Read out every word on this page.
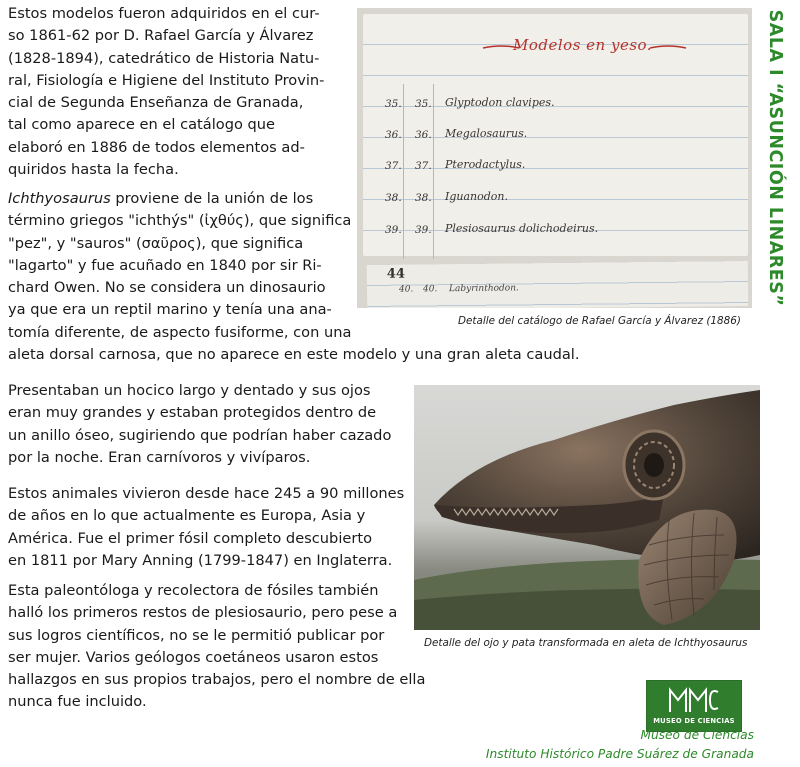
SALA I “ASUNCIÓN LINARES”
Estos modelos fueron adquiridos en el cur-
so 1861-62 por D. Rafael García y Álvarez
(1828-1894), catedrático de Historia Natu-
ral, Fisiología e Higiene del Instituto Provin-
cial de Segunda Enseñanza de Granada,
tal como aparece en el catálogo que
elaboró en 1886 de todos elementos ad-
quiridos hasta la fecha.
Ichthyosaurus proviene de la unión de los
término griegos "ichthýs" (ἰχθύς), que significa
"pez", y "sauros" (σαῦρος), que significa
"lagarto" y fue acuñado en 1840 por sir Ri-
chard Owen. No se considera un dinosaurio
ya que era un reptil marino y tenía una ana-
tomía diferente, de aspecto fusiforme, con una
aleta dorsal carnosa, que no aparece en este modelo y una gran aleta caudal.
Presentaban un hocico largo y dentado y sus ojos
eran muy grandes y estaban protegidos dentro de
un anillo óseo, sugiriendo que podrían haber cazado
por la noche. Eran carnívoros y vivíparos.
Estos animales vivieron desde hace 245 a 90 millones
de años en lo que actualmente es Europa, Asia y
América. Fue el primer fósil completo descubierto
en 1811 por Mary Anning (1799-1847) en Inglaterra.
Esta paleontóloga y recolectora de fósiles también
halló los primeros restos de plesiosaurio, pero pese a
sus logros científicos, no se le permitió publicar por
ser mujer. Varios geólogos coetáneos usaron estos
hallazgos en sus propios trabajos, pero el nombre de ella
nunca fue incluido.
Modelos en yeso.
35.	35. Glyptodon clavipes.
36.	36. Megalosaurus.
37.	37. Pterodactylus.
38.	38. Iguanodon.
39.	39. Plesiosaurus dolichodeirus.
44
40. 40. Labyrinthodon.

Detalle del catálogo de Rafael García y Álvarez (1886)

Detalle del ojo y pata transformada en aleta de Ichthyosaurus

MUSEO DE CIENCIAS

Museo de Ciencias

Instituto Histórico Padre Suárez de Granada
